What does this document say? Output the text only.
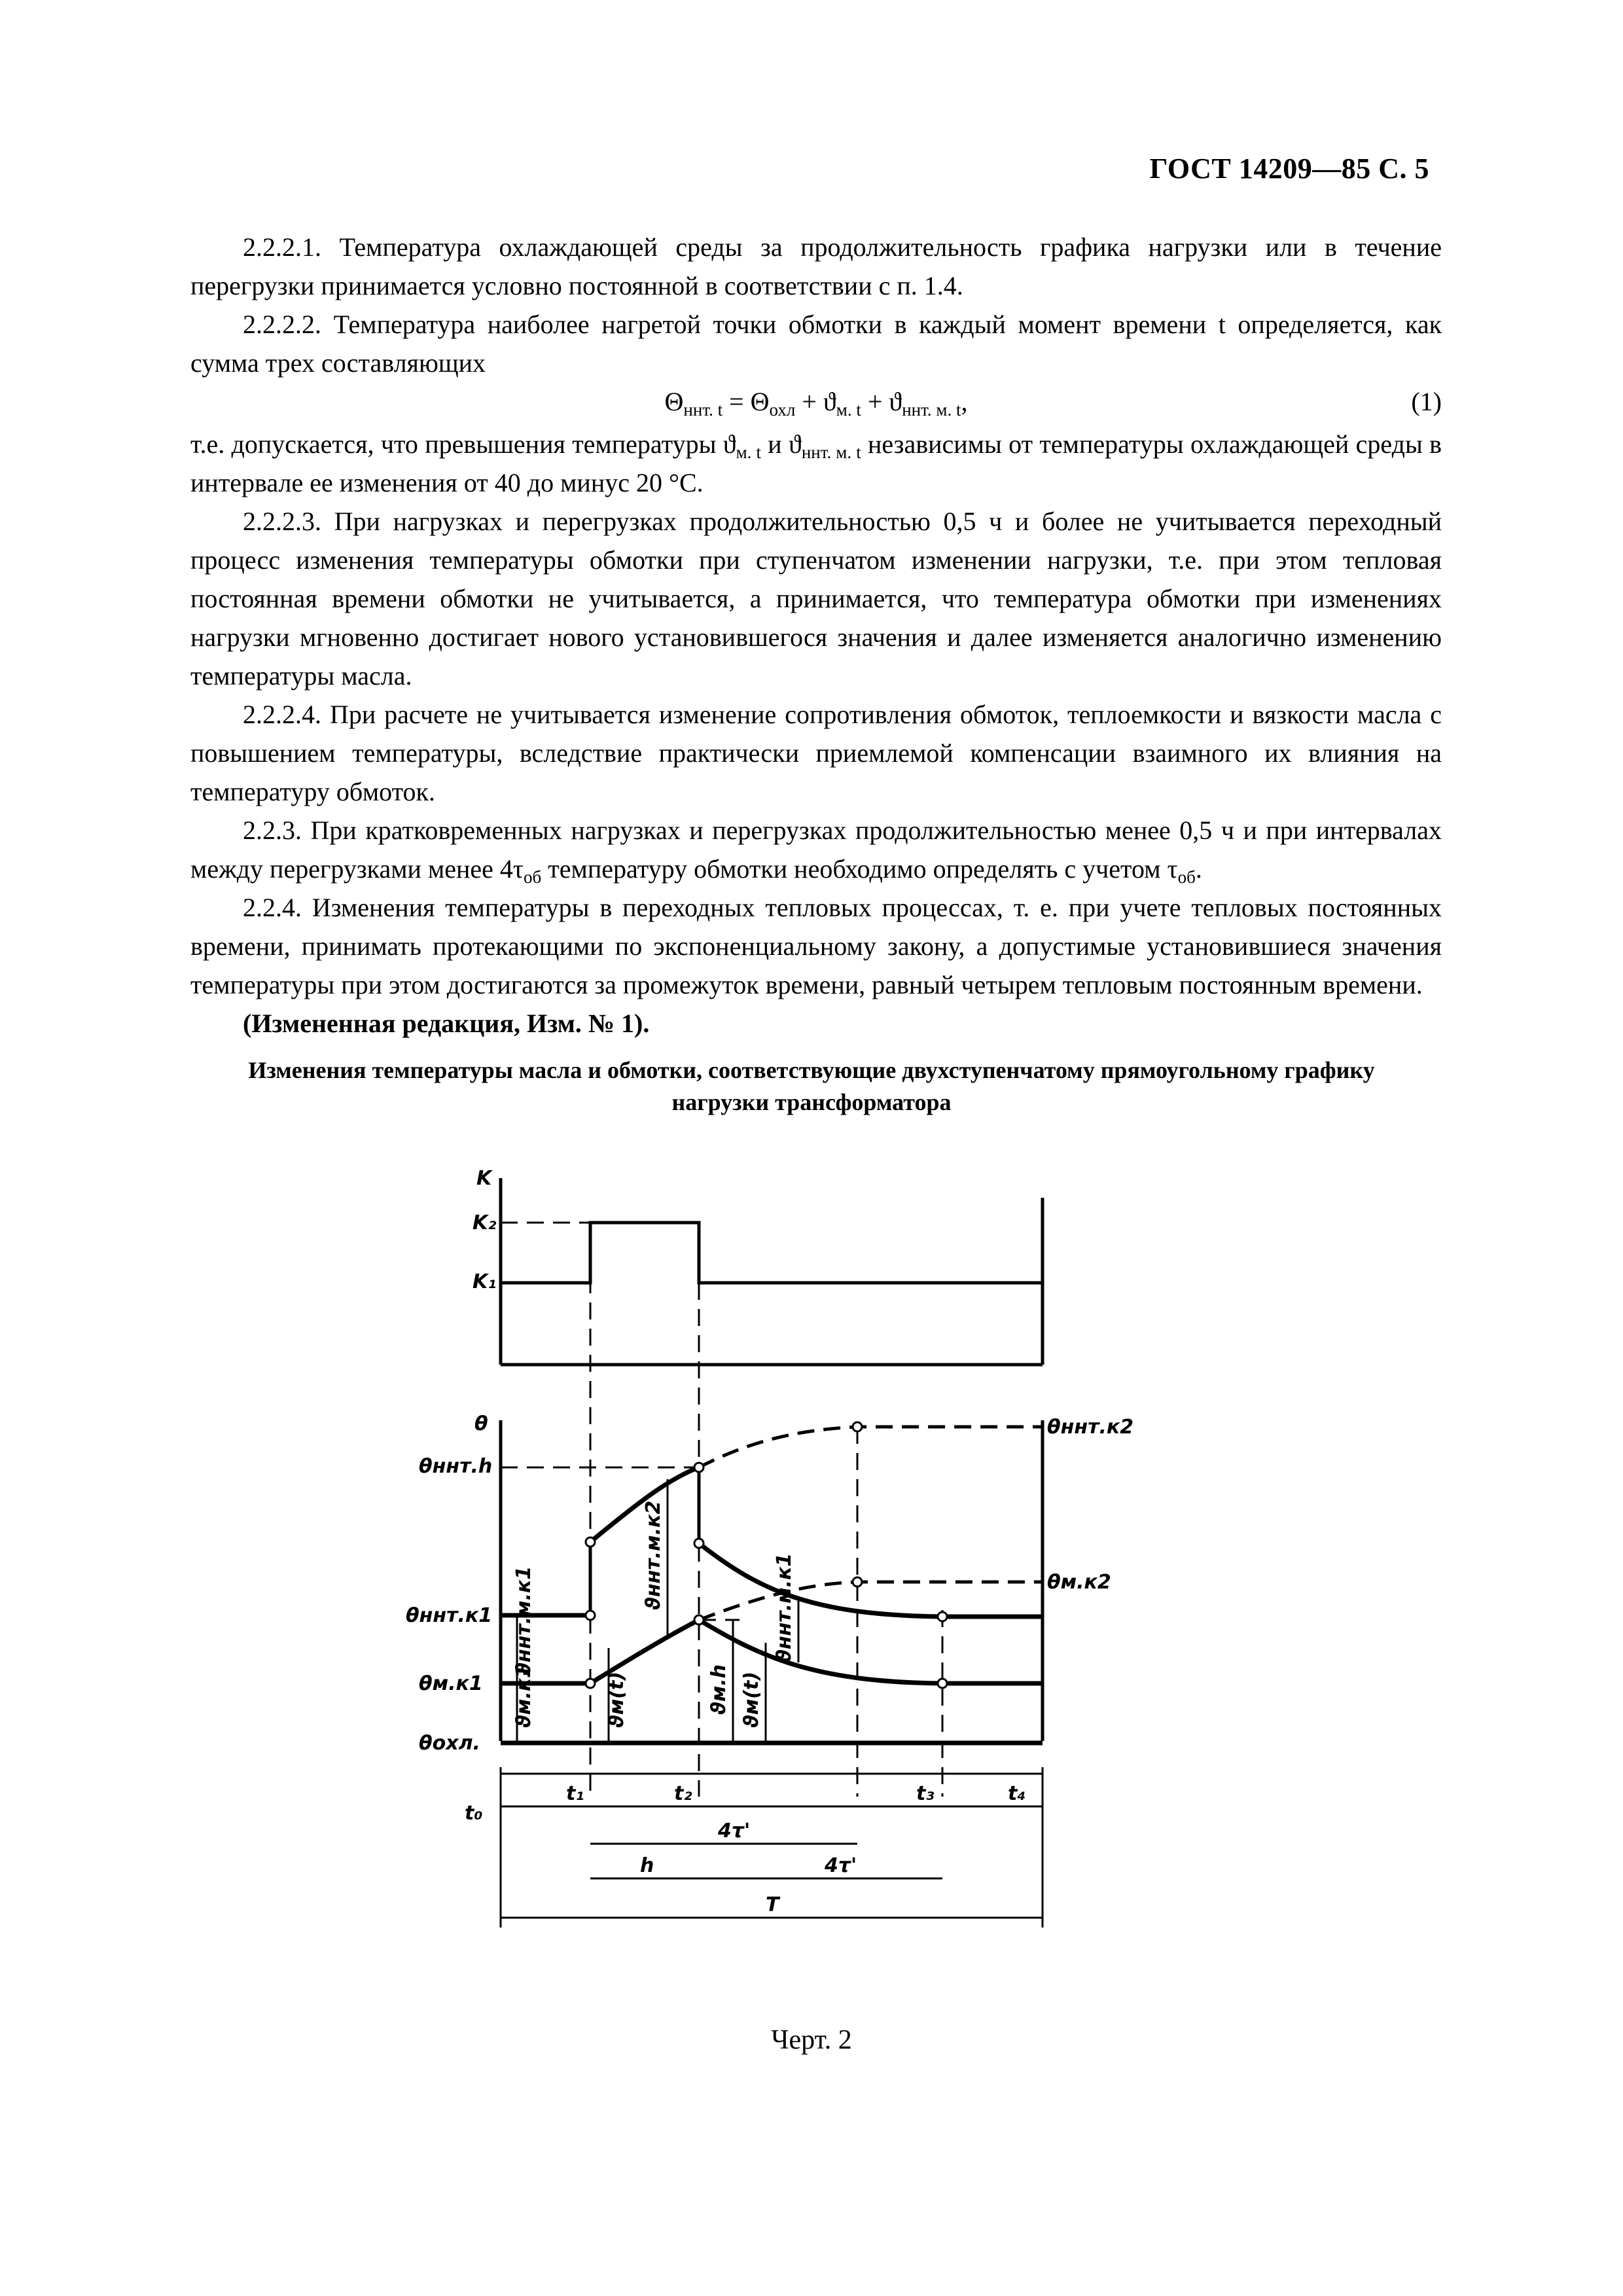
ГОСТ 14209—85 С. 5

2.2.2.1. Температура охлаждающей среды за продолжительность графика нагрузки или в течение перегрузки принимается условно постоянной в соответствии с п. 1.4.

2.2.2.2. Температура наиболее нагретой точки обмотки в каждый момент времени t определяется, как сумма трех составляющих

$\Theta_{ннт. t} = \Theta_{охл} + ϑ_{м. t} + ϑ_{ннт. м. t}$,	(1)

т.е. допускается, что превышения температуры $ϑ_{м. t}$ и $ϑ_{ннт. м. t}$ независимы от температуры охлаждающей среды в интервале ее изменения от 40 до минус 20 °С.

2.2.2.3. При нагрузках и перегрузках продолжительностью 0,5 ч и более не учитывается переходный процесс изменения температуры обмотки при ступенчатом изменении нагрузки, т.е. при этом тепловая постоянная времени обмотки не учитывается, а принимается, что температура обмотки при изменениях нагрузки мгновенно достигает нового установившегося значения и далее изменяется аналогично изменению температуры масла.

2.2.2.4. При расчете не учитывается изменение сопротивления обмоток, теплоемкости и вязкости масла с повышением температуры, вследствие практически приемлемой компенсации взаимного их влияния на температуру обмоток.

2.2.3. При кратковременных нагрузках и перегрузках продолжительностью менее 0,5 ч и при интервалах между перегрузками менее $4\tau_{об}$ температуру обмотки необходимо определять с учетом $\tau_{об}$.

2.2.4. Изменения температуры в переходных тепловых процессах, т. е. при учете тепловых постоянных времени, принимать протекающими по экспоненциальному закону, а допустимые установившиеся значения температуры при этом достигаются за промежуток времени, равный четырем тепловым постоянным времени.

(Измененная редакция, Изм. № 1).

Изменения температуры масла и обмотки, соответствующие двухступенчатому прямоугольному графику
нагрузки трансформатора
K
K₂
K₁
θ
θннт.h
θннт.к1
θм.к1
θохл.
θннт.к2
θм.к2
ϑм.к1
ϑннт.м.к1
ϑм(t)
ϑннт.м.к2
ϑм.h ϑм(t)
ϑннт.м.к1
t₀
t₁	t₂	t₃	t₄
4τ'
h	4τ'
T
Черт. 2
